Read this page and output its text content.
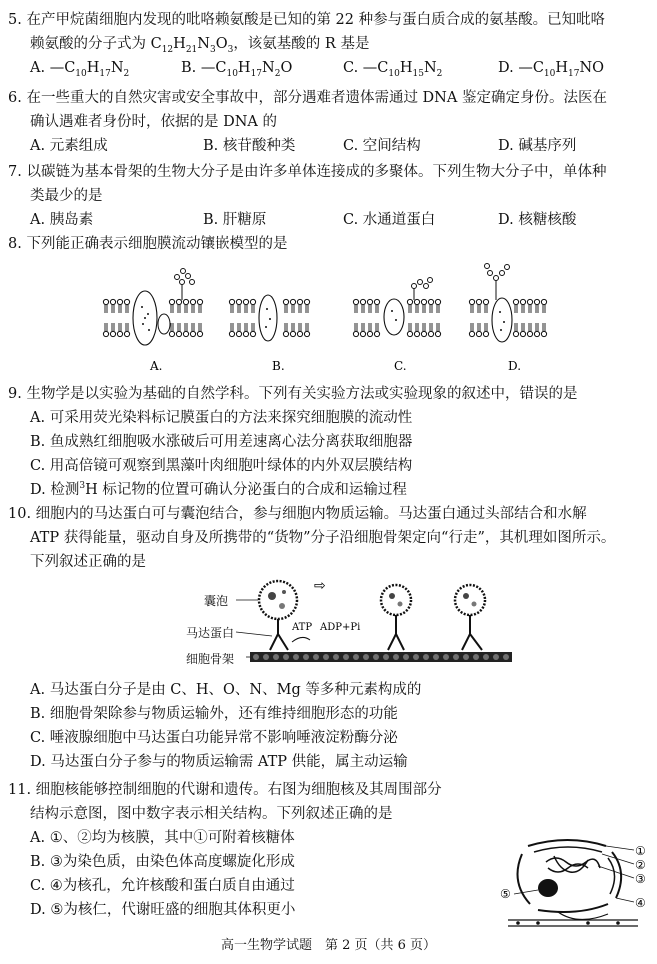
5. 在产甲烷菌细胞内发现的吡咯赖氨酸是已知的第 22 种参与蛋白质合成的氨基酸。已知吡咯
赖氨酸的分子式为 $C_{12}H_{21}N_3O_3$，该氨基酸的 R 基是
A. $—C_{10}H_{17}N_2$	B. $—C_{10}H_{17}N_2O$	C. $—C_{10}H_{15}N_2$	D. $—C_{10}H_{17}NO$
6. 在一些重大的自然灾害或安全事故中，部分遇难者遗体需通过 DNA 鉴定确定身份。法医在
确认遇难者身份时，依据的是 DNA 的
A. 元素组成	B. 核苷酸种类	C. 空间结构	D. 碱基序列
7. 以碳链为基本骨架的生物大分子是由许多单体连接成的多聚体。下列生物大分子中，单体种
类最少的是
A. 胰岛素	B. 肝糖原	C. 水通道蛋白	D. 核糖核酸
8. 下列能正确表示细胞膜流动镶嵌模型的是
A.	B.	C.	D.
9. 生物学是以实验为基础的自然学科。下列有关实验方法或实验现象的叙述中，错误的是
A. 可采用荧光染料标记膜蛋白的方法来探究细胞膜的流动性
B. 鱼成熟红细胞吸水涨破后可用差速离心法分离获取细胞器
C. 用高倍镜可观察到黑藻叶肉细胞叶绿体的内外双层膜结构
D. 检测$^3$H 标记物的位置可确认分泌蛋白的合成和运输过程
10. 细胞内的马达蛋白可与囊泡结合，参与细胞内物质运输。马达蛋白通过头部结合和水解
ATP 获得能量，驱动自身及所携带的“货物”分子沿细胞骨架定向“行走”，其机理如图所示。
下列叙述正确的是
⇨
ATP ADP+Pi
囊泡
马达蛋白
细胞骨架
A. 马达蛋白分子是由 C、H、O、N、Mg 等多种元素构成的
B. 细胞骨架除参与物质运输外，还有维持细胞形态的功能
C. 唾液腺细胞中马达蛋白功能异常不影响唾液淀粉酶分泌
D. 马达蛋白分子参与的物质运输需 ATP 供能，属主动运输
11. 细胞核能够控制细胞的代谢和遗传。右图为细胞核及其周围部分
结构示意图，图中数字表示相关结构。下列叙述正确的是
A. ①、②均为核膜，其中①可附着核糖体
B. ③为染色质，由染色体高度螺旋化形成
C. ④为核孔，允许核酸和蛋白质自由通过
D. ⑤为核仁，代谢旺盛的细胞其体积更小
①
②
③
④
⑤
高一生物学试题　第 2 页（共 6 页）
